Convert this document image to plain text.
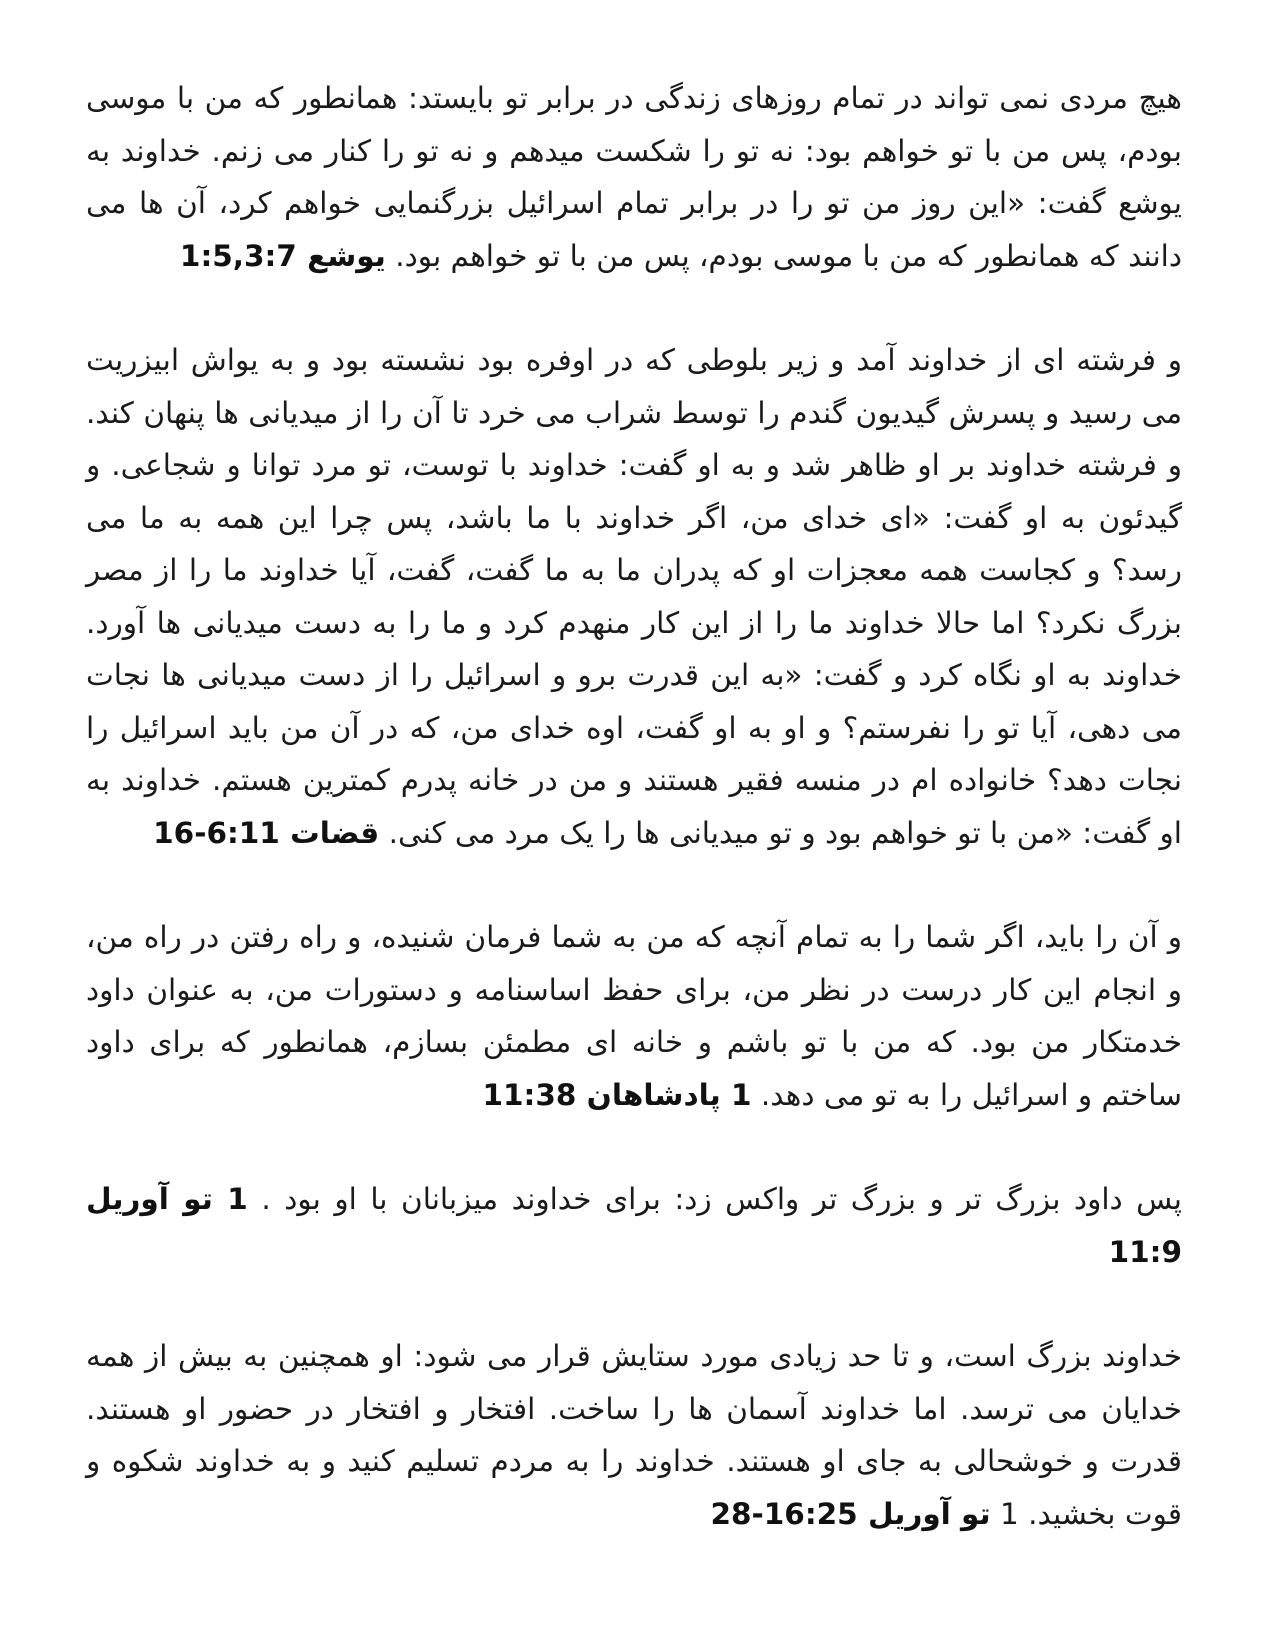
هیچ مردی نمی تواند در تمام روزهای زندگی در برابر تو بایستد: همانطور که من با موسی بودم، پس من با تو خواهم بود: نه تو را شکست میدهم و نه تو را کنار می زنم. خداوند به یوشع گفت: «این روز من تو را در برابر تمام اسرائیل بزرگنمایی خواهم کرد، آن ها می دانند که همانطور که من با موسی بودم، پس من با تو خواهم بود. یوشع 1:5,3:7

و فرشته ای از خداوند آمد و زیر بلوطی که در اوفره بود نشسته بود و به یواش ابیزریت می رسید و پسرش گیدیون گندم را توسط شراب می خرد تا آن را از میدیانی ها پنهان کند. و فرشته خداوند بر او ظاهر شد و به او گفت: خداوند با توست، تو مرد توانا و شجاعی. و گیدئون به او گفت: «ای خدای من، اگر خداوند با ما باشد، پس چرا این همه به ما می رسد؟ و کجاست همه معجزات او که پدران ما به ما گفت، گفت، آیا خداوند ما را از مصر بزرگ نکرد؟ اما حالا خداوند ما را از این کار منهدم کرد و ما را به دست میدیانی ها آورد. خداوند به او نگاه کرد و گفت: «به این قدرت برو و اسرائیل را از دست میدیانی ها نجات می دهی، آیا تو را نفرستم؟ و او به او گفت، اوه خدای من، که در آن من باید اسرائیل را نجات دهد؟ خانواده ام در منسه فقیر هستند و من در خانه پدرم کمترین هستم. خداوند به او گفت: «من با تو خواهم بود و تو میدیانی ها را یک مرد می کنی. قضات 6:11-16

و آن را باید، اگر شما را به تمام آنچه که من به شما فرمان شنیده، و راه رفتن در راه من، و انجام این کار درست در نظر من، برای حفظ اساسنامه و دستورات من، به عنوان داود خدمتکار من بود. که من با تو باشم و خانه ای مطمئن بسازم، همانطور که برای داود ساختم و اسرائیل را به تو می دهد. 1 پادشاهان 11:38

پس داود بزرگ تر و بزرگ تر واکس زد: برای خداوند میزبانان با او بود . 1 تو آوریل 11:9

خداوند بزرگ است، و تا حد زیادی مورد ستایش قرار می شود: او همچنین به بیش از همه خدایان می ترسد. اما خداوند آسمان ها را ساخت. افتخار و افتخار در حضور او هستند. قدرت و خوشحالی به جای او هستند. خداوند را به مردم تسلیم کنید و به خداوند شکوه و قوت بخشید. 1 تو آوریل 16:25-28
